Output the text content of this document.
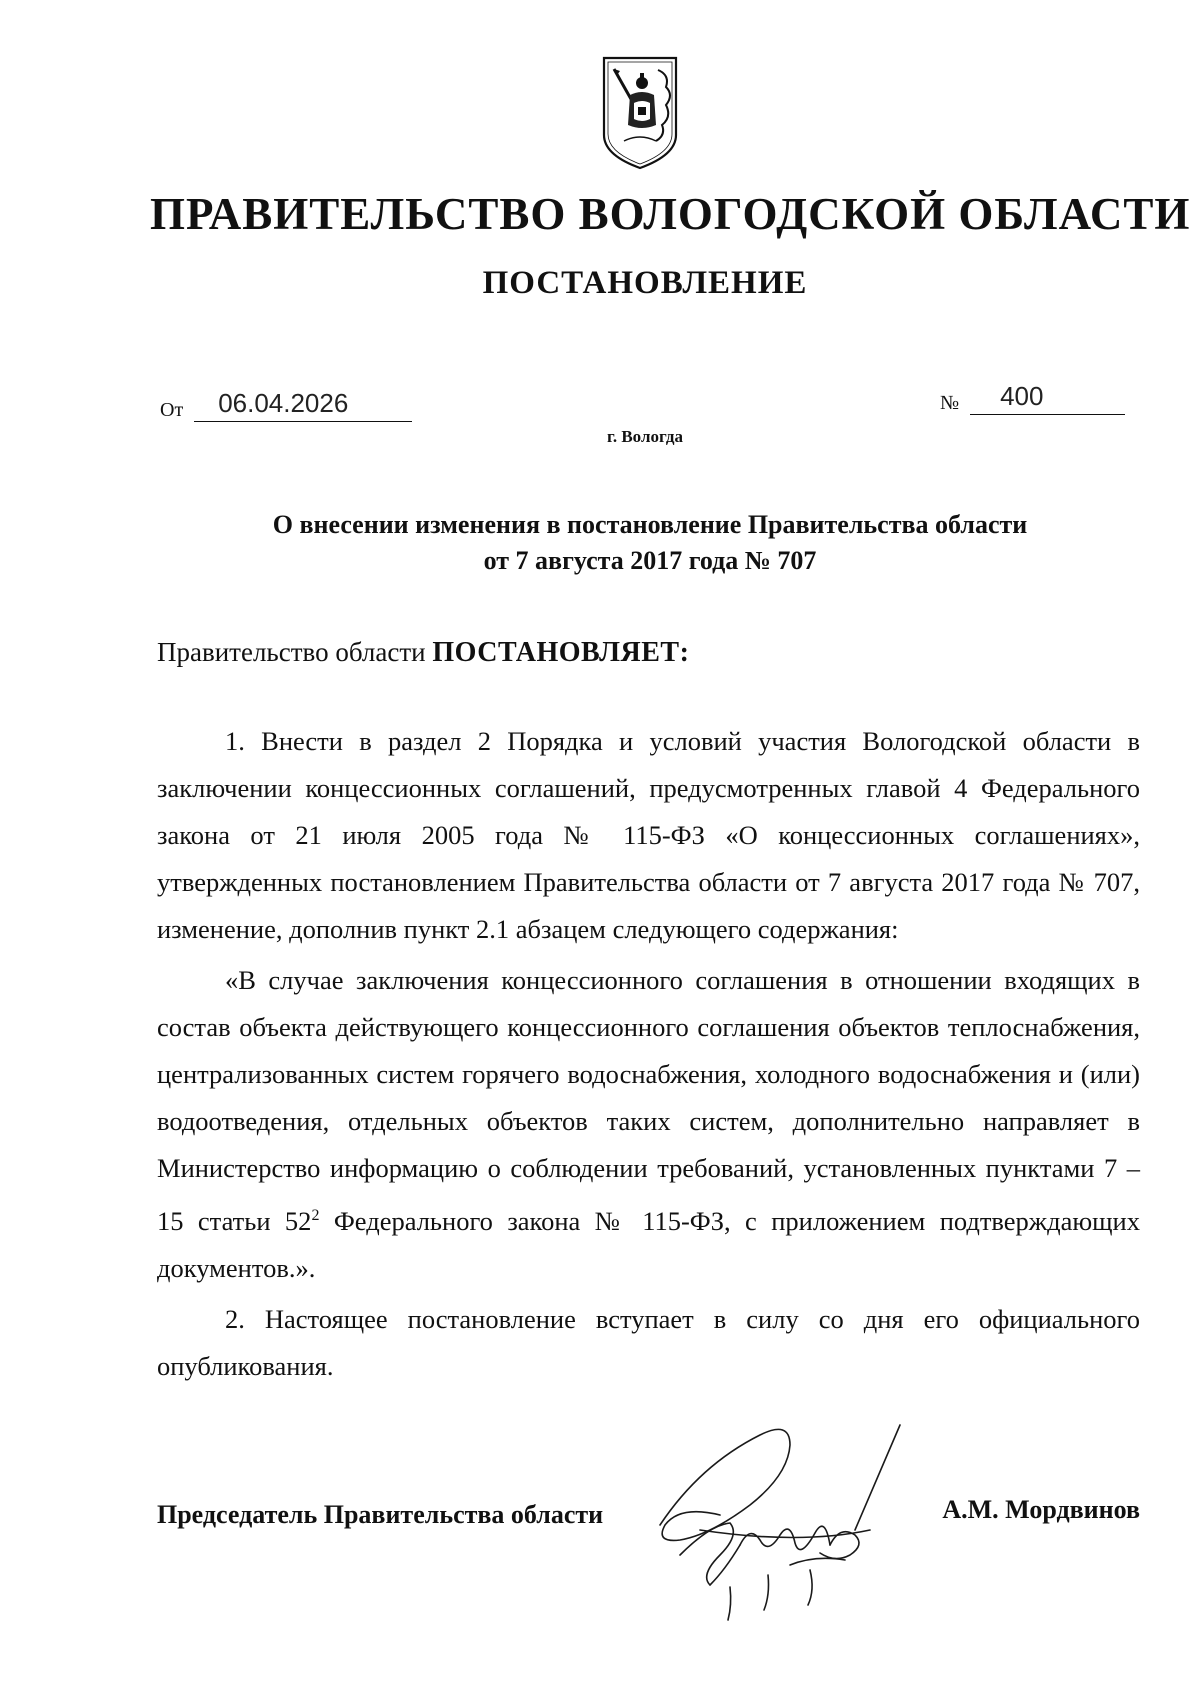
ПРАВИТЕЛЬСТВО ВОЛОГОДСКОЙ ОБЛАСТИ
ПОСТАНОВЛЕНИЕ
От 06.04.2026	№ 400
г. Вологда
О внесении изменения в постановление Правительства области
от 7 августа 2017 года № 707
Правительство области ПОСТАНОВЛЯЕТ:

1. Внести в раздел 2 Порядка и условий участия Вологодской области в заключении концессионных соглашений, предусмотренных главой 4 Федерального закона от 21 июля 2005 года № 115-ФЗ «О концессионных соглашениях», утвержденных постановлением Правительства области от 7 августа 2017 года № 707, изменение, дополнив пункт 2.1 абзацем следующего содержания:

«В случае заключения концессионного соглашения в отношении входящих в состав объекта действующего концессионного соглашения объектов теплоснабжения, централизованных систем горячего водоснабжения, холодного водоснабжения и (или) водоотведения, отдельных объектов таких систем, дополнительно направляет в Министерство информацию о соблюдении требований, установленных пунктами 7 – 15 статьи $52^2$ Федерального закона № 115-ФЗ, с приложением подтверждающих документов.».

2. Настоящее постановление вступает в силу со дня его официального опубликования.

Председатель Правительства области	А.М. Мордвинов
